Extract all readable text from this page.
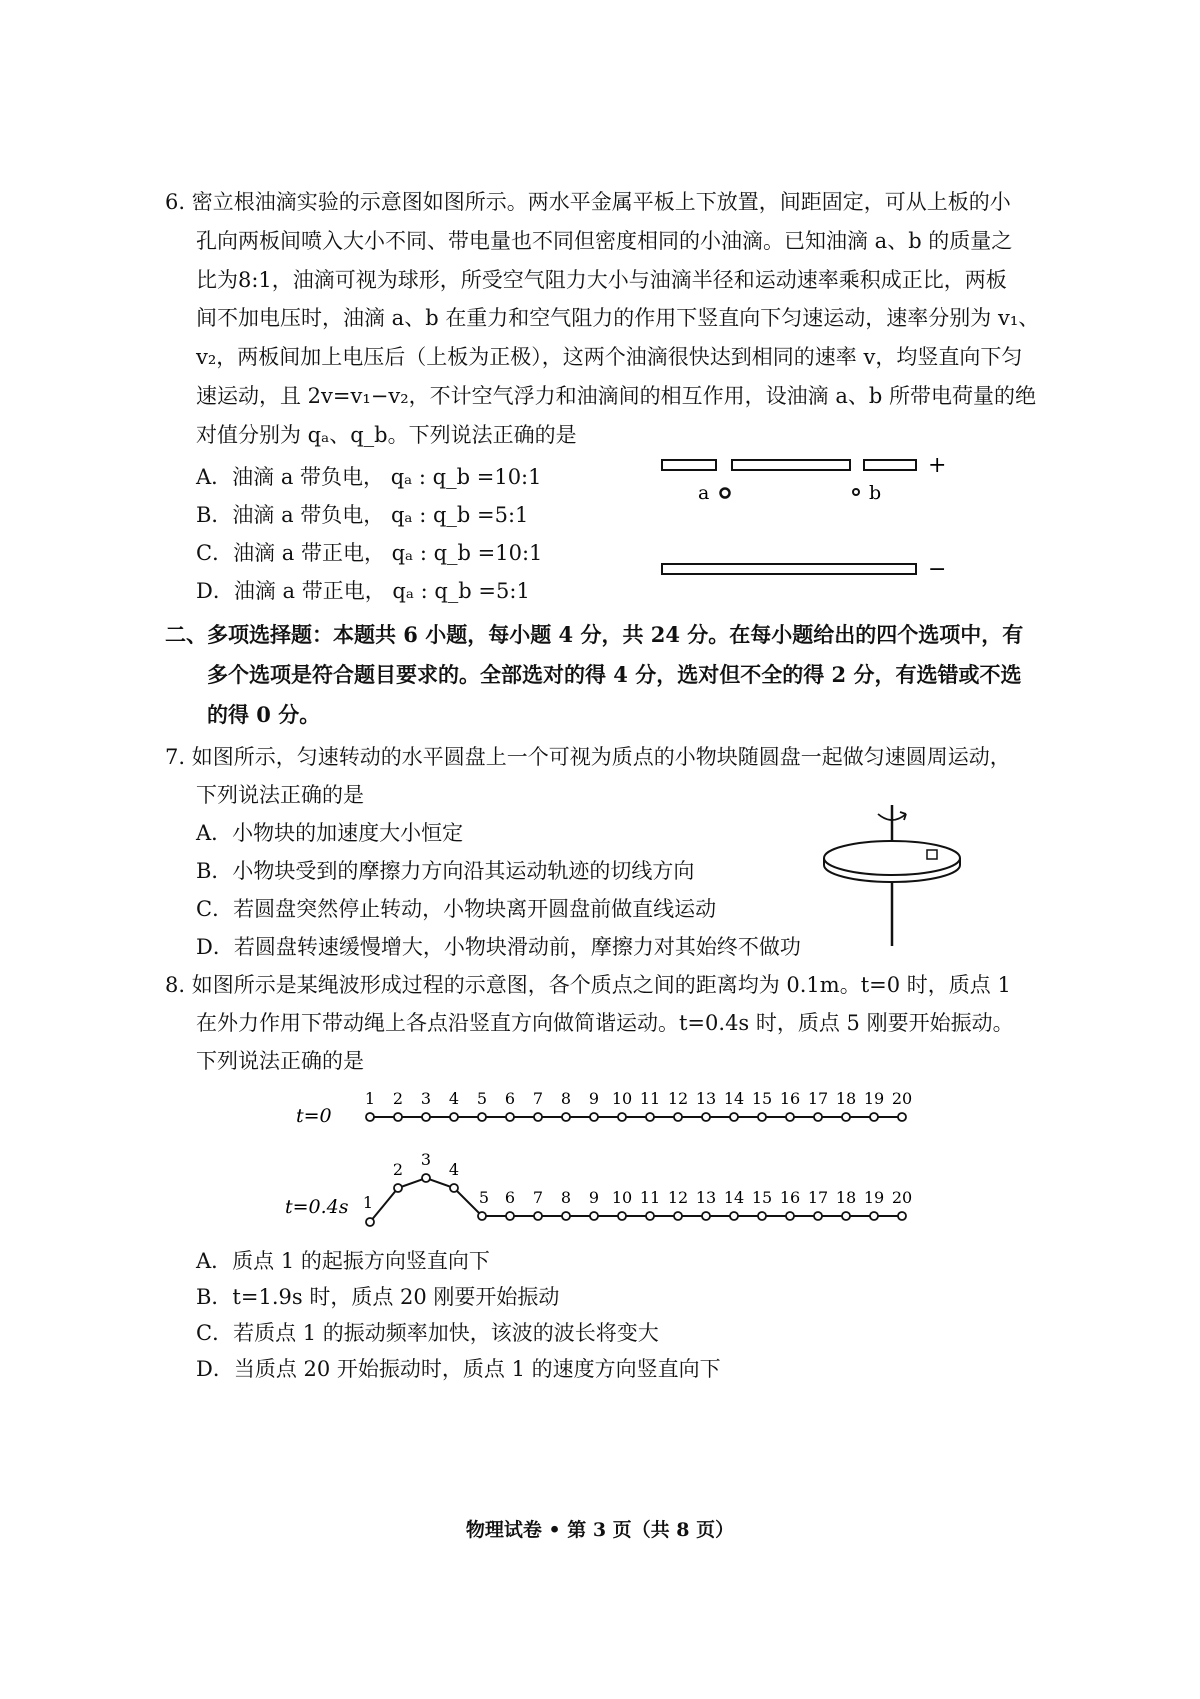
6. 密立根油滴实验的示意图如图所示。两水平金属平板上下放置，间距固定，可从上板的小
孔向两板间喷入大小不同、带电量也不同但密度相同的小油滴。已知油滴 a、b 的质量之
比为8:1，油滴可视为球形，所受空气阻力大小与油滴半径和运动速率乘积成正比，两板
间不加电压时，油滴 a、b 在重力和空气阻力的作用下竖直向下匀速运动，速率分别为 v₁、
v₂，两板间加上电压后（上板为正极），这两个油滴很快达到相同的速率 v，均竖直向下匀
速运动，且 2v=v₁−v₂，不计空气浮力和油滴间的相互作用，设油滴 a、b 所带电荷量的绝
对值分别为 qₐ、q_b。下列说法正确的是
A．油滴 a 带负电， qₐ : q_b =10:1
B．油滴 a 带负电， qₐ : q_b =5:1
C．油滴 a 带正电， qₐ : q_b =10:1
D．油滴 a 带正电， qₐ : q_b =5:1
+
a	b
−
二、多项选择题：本题共 6 小题，每小题 4 分，共 24 分。在每小题给出的四个选项中，有
多个选项是符合题目要求的。全部选对的得 4 分，选对但不全的得 2 分，有选错或不选
的得 0 分。
7. 如图所示，匀速转动的水平圆盘上一个可视为质点的小物块随圆盘一起做匀速圆周运动，
下列说法正确的是
A．小物块的加速度大小恒定
B．小物块受到的摩擦力方向沿其运动轨迹的切线方向
C．若圆盘突然停止转动，小物块离开圆盘前做直线运动
D．若圆盘转速缓慢增大，小物块滑动前，摩擦力对其始终不做功
8. 如图所示是某绳波形成过程的示意图，各个质点之间的距离均为 0.1m。t=0 时，质点 1
在外力作用下带动绳上各点沿竖直方向做简谐运动。t=0.4s 时，质点 5 刚要开始振动。
下列说法正确的是
t=0
t=0.4s
1 2 3 4 5 6 7 8 9 10 11 12 13 14 15 16 17 18 19 20
1
2
3
4
5 6 7 8 9 10 11 12 13 14 15 16 17 18 19 20
A．质点 1 的起振方向竖直向下
B．t=1.9s 时，质点 20 刚要开始振动
C．若质点 1 的振动频率加快，该波的波长将变大
D．当质点 20 开始振动时，质点 1 的速度方向竖直向下
物理试卷 • 第 3 页（共 8 页）
